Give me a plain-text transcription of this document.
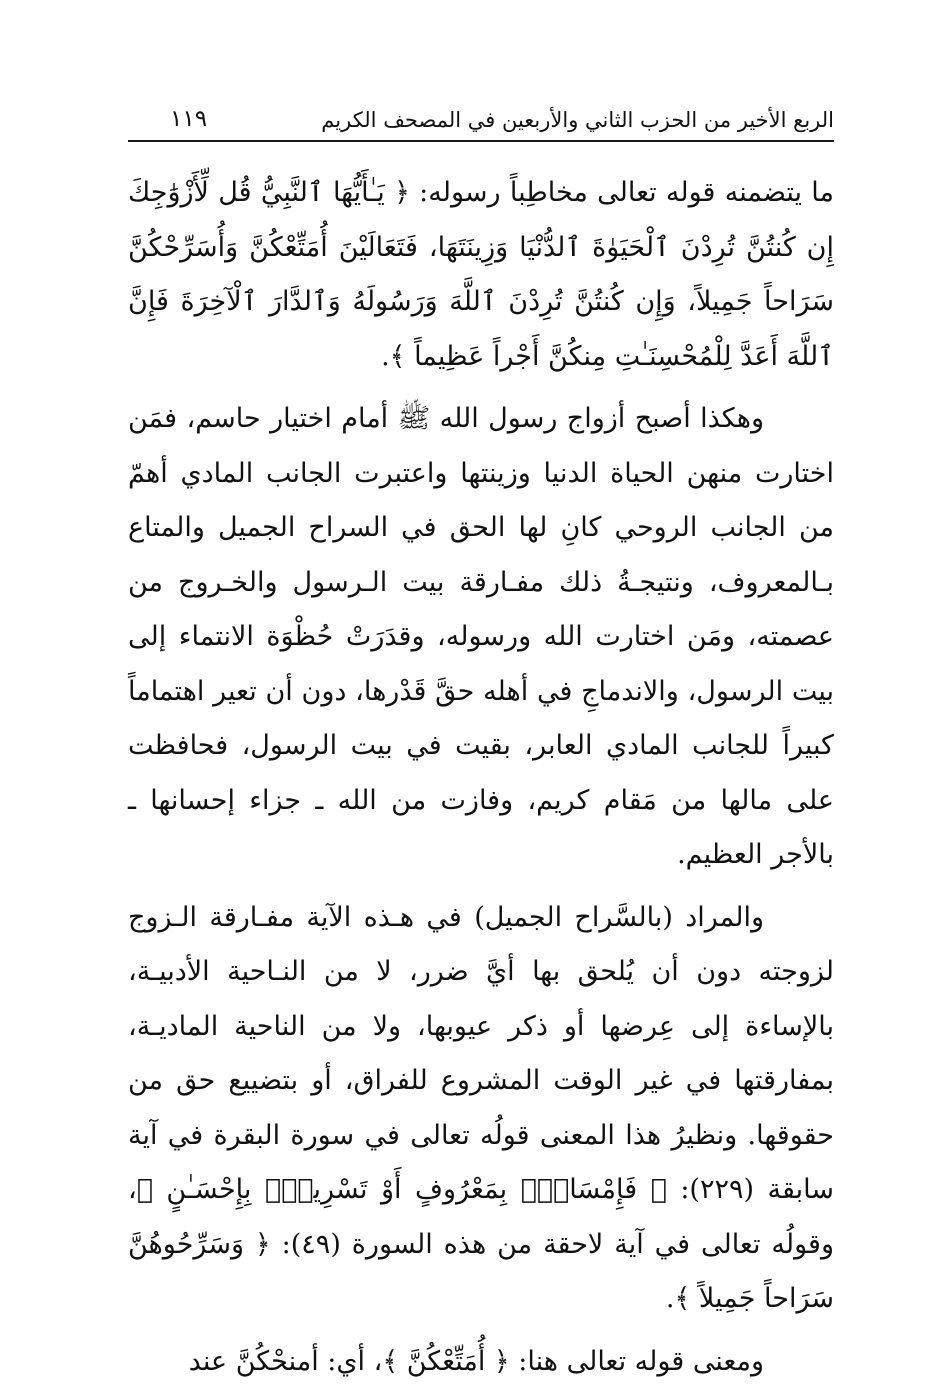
الربع الأخير من الحزب الثاني والأربعين في المصحف الكريم
١١٩

ما يتضمنه قوله تعالى مخاطِباً رسوله: ﴿ يَـٰأَيُّهَا ٱلنَّبِيُّ قُل لِّأَزْوَٰجِكَ إِن كُنتُنَّ تُرِدْنَ ٱلْحَيَوٰةَ ٱلدُّنْيَا وَزِينَتَهَا، فَتَعَالَيْنَ أُمَتِّعْكُنَّ وَأُسَرِّحْكُنَّ سَرَاحاً جَمِيلاً، وَإِن كُنتُنَّ تُرِدْنَ ٱللَّهَ وَرَسُولَهُ وَٱلدَّارَ ٱلْآخِرَةَ فَإِنَّ ٱللَّهَ أَعَدَّ لِلْمُحْسِنَـٰتِ مِنكُنَّ أَجْراً عَظِيماً ﴾.

وهكذا أصبح أزواج رسول الله ﷺ أمام اختيار حاسم، فمَن اختارت منهن الحياة الدنيا وزينتها واعتبرت الجانب المادي أهمّ من الجانب الروحي كانِ لها الحق في السراح الجميل والمتاع بـالمعروف، ونتيجـةُ ذلك مفـارقة بيت الـرسول والخـروج من عصمته، ومَن اختارت الله ورسوله، وقدَرَتْ حُظْوَة الانتماء إلى بيت الرسول، والاندماجِ في أهله حقَّ قَدْرها، دون أن تعير اهتماماً كبيراً للجانب المادي العابر، بقيت في بيت الرسول، فحافظت على مالها من مَقام كريم، وفازت من الله ـ جزاء إحسانها ـ بالأجر العظيم.

والمراد (بالسَّراح الجميل) في هـذه الآية مفـارقة الـزوج لزوجته دون أن يُلحق بها أيَّ ضرر، لا من النـاحية الأدبيـة، بالإساءة إلى عِرضها أو ذكر عيوبها، ولا من الناحية الماديـة، بمفارقتها في غير الوقت المشروع للفراق، أو بتضييع حق من حقوقها. ونظيرُ هذا المعنى قولُه تعالى في سورة البقرة في آية سابقة (٢٢٩): ﴿ فَإِمْسَاكٌۢ بِمَعْرُوفٍ أَوْ تَسْرِيحٌۢ بِإِحْسَـٰنٍ ﴾، وقولُه تعالى في آية لاحقة من هذه السورة (٤٩): ﴿ وَسَرِّحُوهُنَّ سَرَاحاً جَمِيلاً ﴾.

ومعنى قوله تعالى هنا: ﴿ أُمَتِّعْكُنَّ ﴾، أي: أمنحْكُنَّ عند
